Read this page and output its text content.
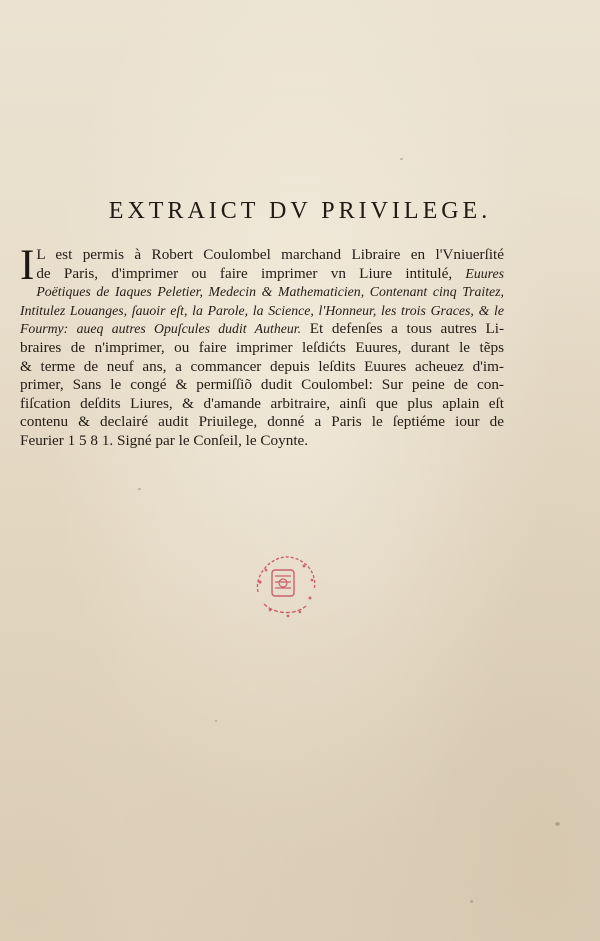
EXTRAICT DV PRIVILEGE.
I L est permis à Robert Coulombel marchand Libraire en l'Vniuerſité
de Paris, d'imprimer ou faire imprimer vn Liure intitulé, Euures
Poëtiques de Iaques Peletier, Medecin & Mathematicien, Contenant cinq Traitez,
Intitulez Louanges, ſauoir eſt, la Parole, la Science, l'Honneur, les trois Graces, & le
Fourmy: aueq autres Opuſcules dudit Autheur. Et defenſes a tous autres Li-
braires de n'imprimer, ou faire imprimer leſdićts Euures, durant le tẽps
& terme de neuf ans, a commancer depuis leſdits Euures acheuez d'im-
primer, Sans le congé & permiſſiõ dudit Coulombel: Sur peine de con-
fiſcation deſdits Liures, & d'amande arbitraire, ainſi que plus aplain eſt
contenu & declairé audit Priuilege, donné a Paris le ſeptiéme iour de
Feurier 1 5 8 1. Signé par le Conſeil, le Coynte.
